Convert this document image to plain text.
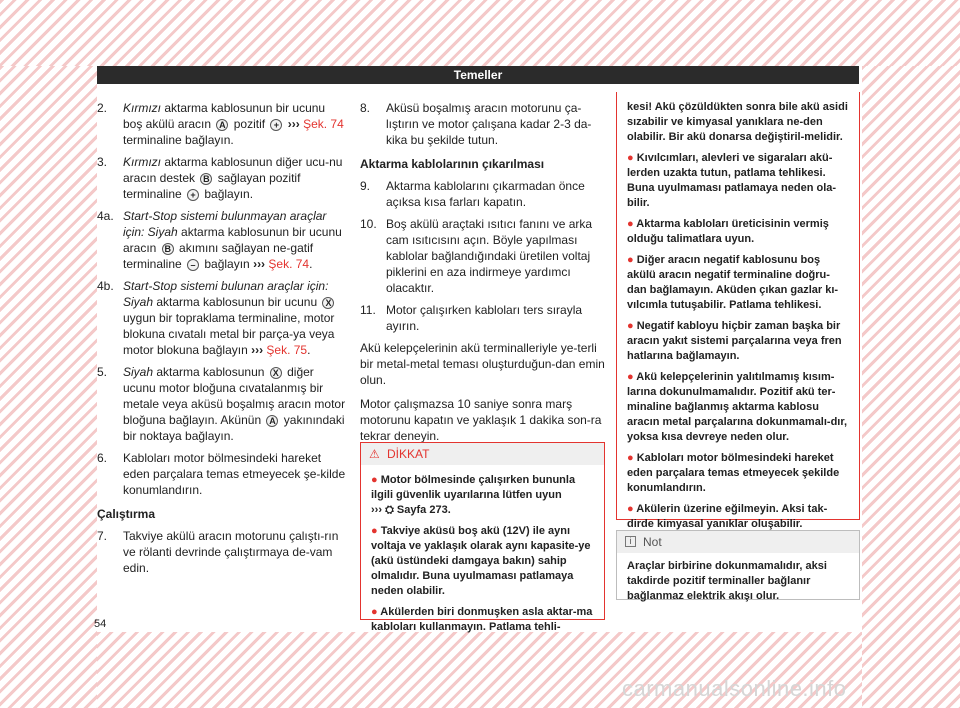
Temeller
2. Kırmızı aktarma kablosunun bir ucunu boş akülü aracın A pozitif + ››› Şek. 74 terminaline bağlayın.
3. Kırmızı aktarma kablosunun diğer ucu-nu aracın destek B sağlayan pozitif terminaline + bağlayın.
4a. Start-Stop sistemi bulunmayan araçlar için: Siyah aktarma kablosunun bir ucunu aracın B akımını sağlayan ne-gatif terminaline – bağlayın ››› Şek. 74.
4b. Start-Stop sistemi bulunan araçlar için: Siyah aktarma kablosunun bir ucunu X uygun bir topraklama terminaline, motor blokuna cıvatalı metal bir parça-ya veya motor blokuna bağlayın ››› Şek. 75.
5. Siyah aktarma kablosunun X diğer ucunu motor bloğuna cıvatalanmış bir metale veya aküsü boşalmış aracın motor bloğuna bağlayın. Akünün A yakınındaki bir noktaya bağlayın.
6. Kabloları motor bölmesindeki hareket eden parçalara temas etmeyecek şe-kilde konumlandırın.
Çalıştırma
7. Takviye akülü aracın motorunu çalıştı-rın ve rölanti devrinde çalıştırmaya de-vam edin.
8. Aküsü boşalmış aracın motorunu ça-lıştırın ve motor çalışana kadar 2-3 da-kika bu şekilde tutun.
Aktarma kablolarının çıkarılması
9. Aktarma kablolarını çıkarmadan önce açıksa kısa farları kapatın.
10. Boş akülü araçtaki ısıtıcı fanını ve arka cam ısıtıcısını açın. Böyle yapılması kablolar bağlandığındaki üretilen voltaj piklerini en aza indirmeye yardımcı olacaktır.
11. Motor çalışırken kabloları ters sırayla ayırın.

Akü kelepçelerinin akü terminalleriyle ye-terli bir metal-metal teması oluşturduğun-dan emin olun.

Motor çalışmazsa 10 saniye sonra marş motorunu kapatın ve yaklaşık 1 dakika son-ra tekrar deneyin.

⚠ DİKKAT

● Motor bölmesinde çalışırken bununla ilgili güvenlik uyarılarına lütfen uyun
››› ⛭ Sayfa 273.

● Takviye aküsü boş akü (12V) ile aynı voltaja ve yaklaşık olarak aynı kapasite-ye (akü üstündeki damgaya bakın) sahip olmalıdır. Buna uyulmaması patlamaya neden olabilir.

● Akülerden biri donmuşken asla aktar-ma kabloları kullanmayın. Patlama tehli-

kesi! Akü çözüldükten sonra bile akü asidi sızabilir ve kimyasal yanıklara ne-den olabilir. Bir akü donarsa değiştiril-melidir.

● Kıvılcımları, alevleri ve sigaraları akü-lerden uzakta tutun, patlama tehlikesi. Buna uyulmaması patlamaya neden ola-bilir.

● Aktarma kabloları üreticisinin vermiş olduğu talimatlara uyun.

● Diğer aracın negatif kablosunu boş akülü aracın negatif terminaline doğru-dan bağlamayın. Aküden çıkan gazlar kı-vılcımla tutuşabilir. Patlama tehlikesi.

● Negatif kabloyu hiçbir zaman başka bir aracın yakıt sistemi parçalarına veya fren hatlarına bağlamayın.

● Akü kelepçelerinin yalıtılmamış kısım-larına dokunulmamalıdır. Pozitif akü ter-minaline bağlanmış aktarma kablosu aracın metal parçalarına dokunmamalı-dır, yoksa kısa devreye neden olur.

● Kabloları motor bölmesindeki hareket eden parçalara temas etmeyecek şekilde konumlandırın.

● Akülerin üzerine eğilmeyin. Aksi tak-dirde kimyasal yanıklar oluşabilir.

i Not
Araçlar birbirine dokunmamalıdır, aksi takdirde pozitif terminaller bağlanır bağlanmaz elektrik akışı olur.
54
carmanualsonline.info
